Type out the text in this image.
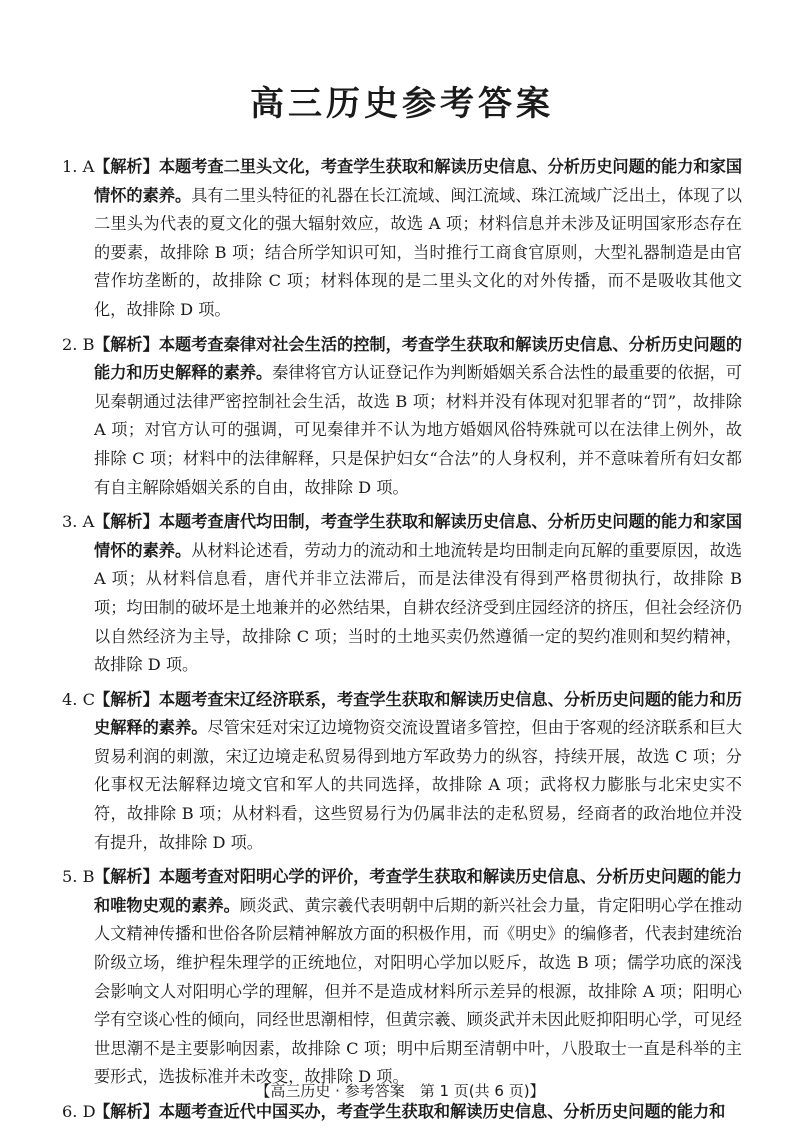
高三历史参考答案
1. A 【解析】本题考查二里头文化，考查学生获取和解读历史信息、分析历史问题的能力和家国情怀的素养。具有二里头特征的礼器在长江流域、闽江流域、珠江流域广泛出土，体现了以二里头为代表的夏文化的强大辐射效应，故选 A 项；材料信息并未涉及证明国家形态存在的要素，故排除 B 项；结合所学知识可知，当时推行工商食官原则，大型礼器制造是由官营作坊垄断的，故排除 C 项；材料体现的是二里头文化的对外传播，而不是吸收其他文化，故排除 D 项。
2. B 【解析】本题考查秦律对社会生活的控制，考查学生获取和解读历史信息、分析历史问题的能力和历史解释的素养。秦律将官方认证登记作为判断婚姻关系合法性的最重要的依据，可见秦朝通过法律严密控制社会生活，故选 B 项；材料并没有体现对犯罪者的“罚”，故排除 A 项；对官方认可的强调，可见秦律并不认为地方婚姻风俗特殊就可以在法律上例外，故排除 C 项；材料中的法律解释，只是保护妇女“合法”的人身权利，并不意味着所有妇女都有自主解除婚姻关系的自由，故排除 D 项。
3. A 【解析】本题考查唐代均田制，考查学生获取和解读历史信息、分析历史问题的能力和家国情怀的素养。从材料论述看，劳动力的流动和土地流转是均田制走向瓦解的重要原因，故选 A 项；从材料信息看，唐代并非立法滞后，而是法律没有得到严格贯彻执行，故排除 B 项；均田制的破坏是土地兼并的必然结果，自耕农经济受到庄园经济的挤压，但社会经济仍以自然经济为主导，故排除 C 项；当时的土地买卖仍然遵循一定的契约准则和契约精神，故排除 D 项。
4. C 【解析】本题考查宋辽经济联系，考查学生获取和解读历史信息、分析历史问题的能力和历史解释的素养。尽管宋廷对宋辽边境物资交流设置诸多管控，但由于客观的经济联系和巨大贸易利润的刺激，宋辽边境走私贸易得到地方军政势力的纵容，持续开展，故选 C 项；分化事权无法解释边境文官和军人的共同选择，故排除 A 项；武将权力膨胀与北宋史实不符，故排除 B 项；从材料看，这些贸易行为仍属非法的走私贸易，经商者的政治地位并没有提升，故排除 D 项。
5. B 【解析】本题考查对阳明心学的评价，考查学生获取和解读历史信息、分析历史问题的能力和唯物史观的素养。顾炎武、黄宗羲代表明朝中后期的新兴社会力量，肯定阳明心学在推动人文精神传播和世俗各阶层精神解放方面的积极作用，而《明史》的编修者，代表封建统治阶级立场，维护程朱理学的正统地位，对阳明心学加以贬斥，故选 B 项；儒学功底的深浅会影响文人对阳明心学的理解，但并不是造成材料所示差异的根源，故排除 A 项；阳明心学有空谈心性的倾向，同经世思潮相悖，但黄宗羲、顾炎武并未因此贬抑阳明心学，可见经世思潮不是主要影响因素，故排除 C 项；明中后期至清朝中叶，八股取士一直是科举的主要形式，选拔标准并未改变，故排除 D 项。
6. D
【解析】本题考查近代中国买办，考查学生获取和解读历史信息、分析历史问题的能力和
【高三历史 · 参考答案　第 1 页(共 6 页)】
